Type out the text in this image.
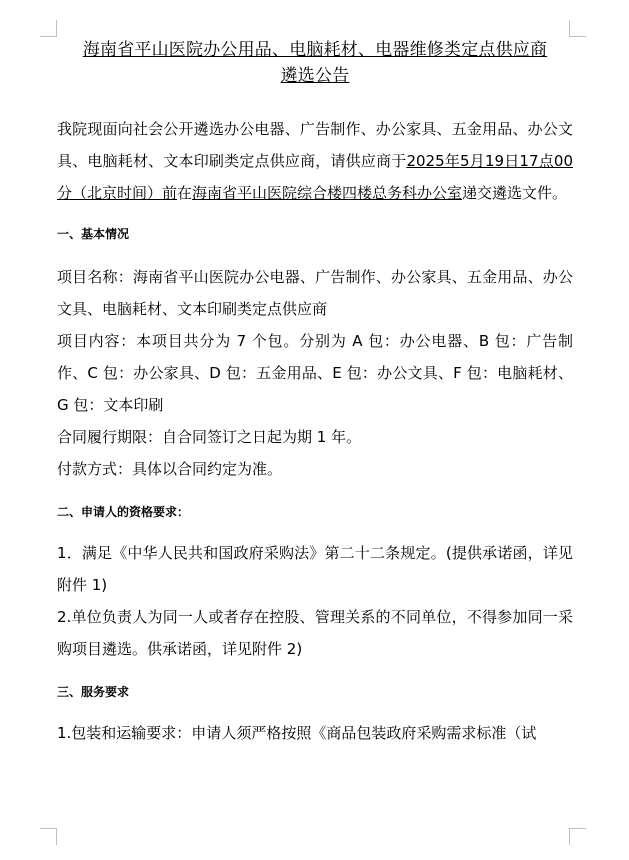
海南省平山医院办公用品、电脑耗材、电器维修类定点供应商
遴选公告

我院现面向社会公开遴选办公电器、广告制作、办公家具、五金用品、办公文具、电脑耗材、文本印刷类定点供应商，请供应商于2025年5月19日17点00分（北京时间）前在海南省平山医院综合楼四楼总务科办公室递交遴选文件。

一、基本情况

项目名称：海南省平山医院办公电器、广告制作、办公家具、五金用品、办公文具、电脑耗材、文本印刷类定点供应商

项目内容：本项目共分为 7 个包。分别为 A 包：办公电器、B 包：广告制作、C 包：办公家具、D 包：五金用品、E 包：办公文具、F 包：电脑耗材、G 包：文本印刷

合同履行期限：自合同签订之日起为期 1 年。

付款方式：具体以合同约定为准。

二、申请人的资格要求：

1．满足《中华人民共和国政府采购法》第二十二条规定。(提供承诺函，详见附件 1)

2.单位负责人为同一人或者存在控股、管理关系的不同单位，不得参加同一采购项目遴选。供承诺函，详见附件 2)

三、服务要求

1.包装和运输要求：申请人须严格按照《商品包装政府采购需求标准（试
